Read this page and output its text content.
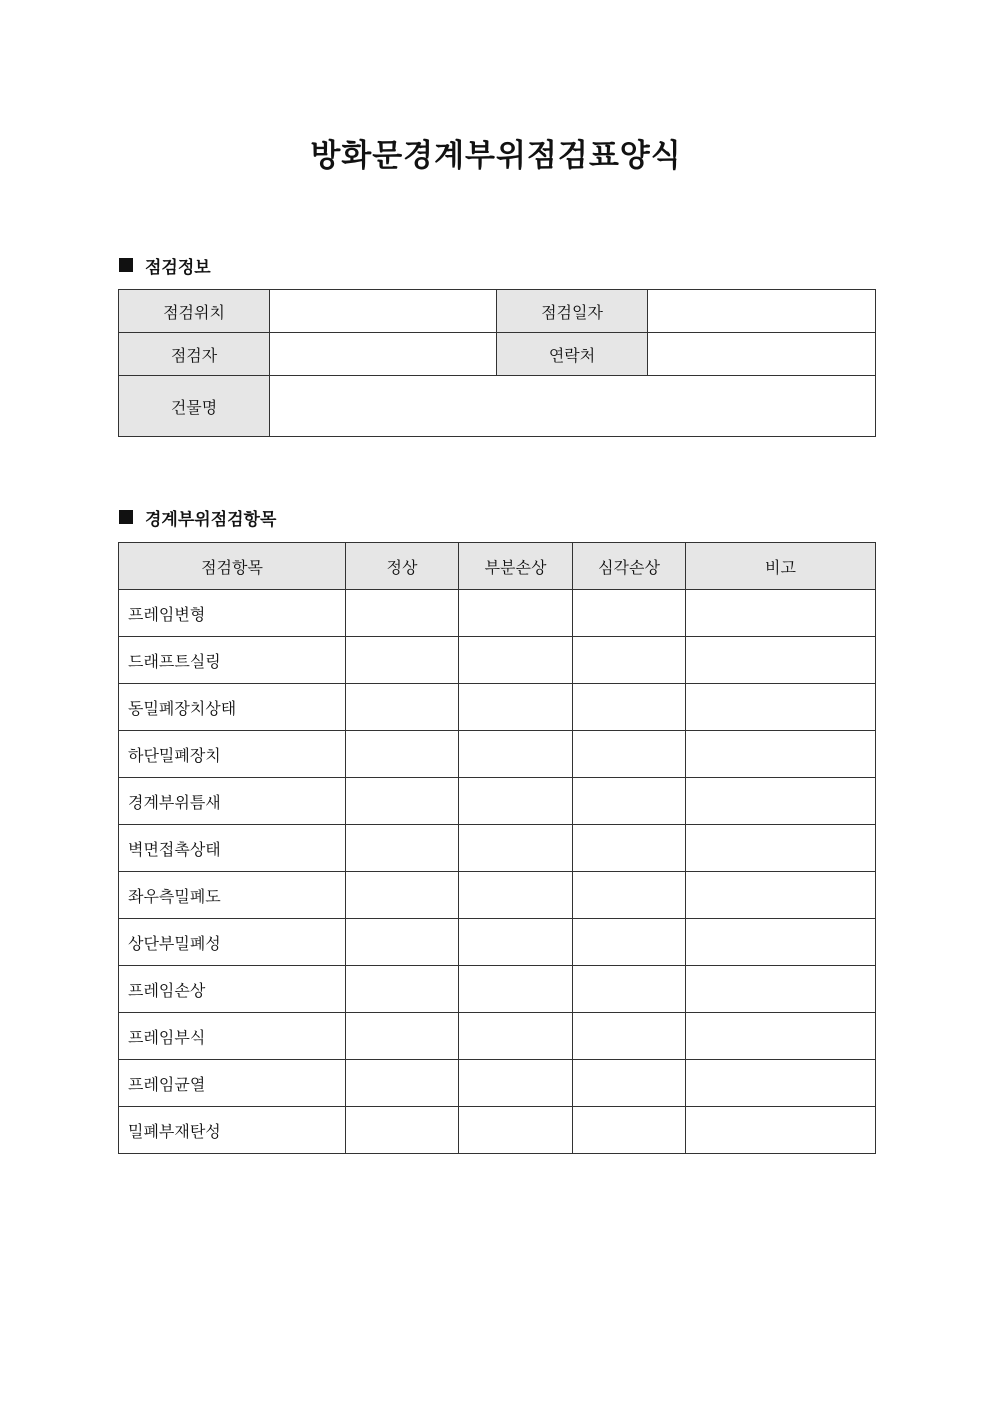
방화문경계부위점검표양식
점검정보
점검위치		점검일자	
점검자		연락처	
건물명			
경계부위점검항목
점검항목	정상	부분손상	심각손상	비고
프레임변형				
드래프트실링				
동밀폐장치상태				
하단밀폐장치				
경계부위틈새				
벽면접촉상태				
좌우측밀폐도				
상단부밀폐성				
프레임손상				
프레임부식				
프레임균열				
밀폐부재탄성				
